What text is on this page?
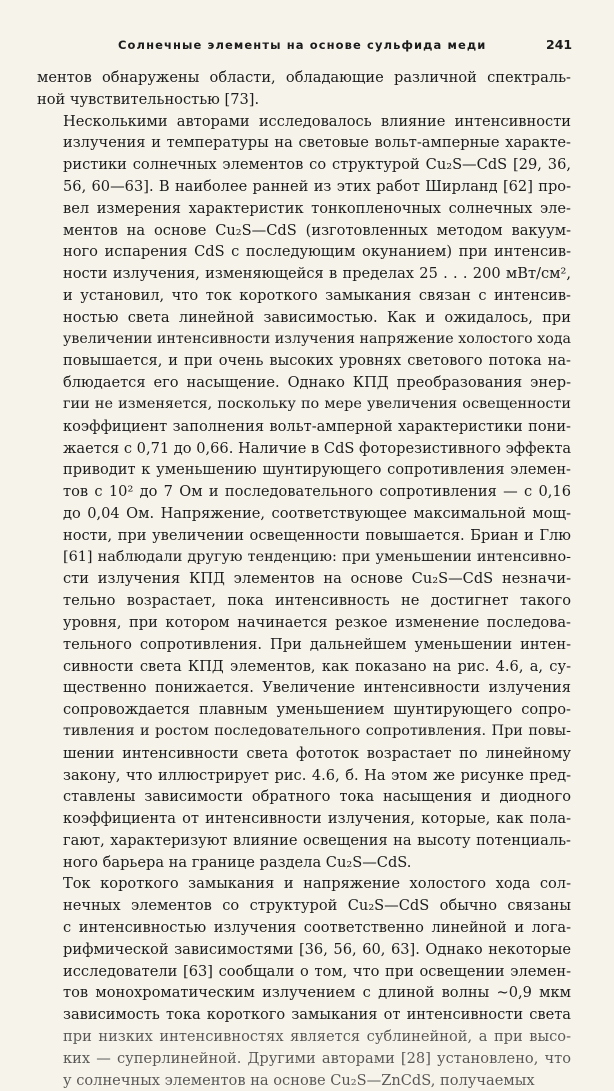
Солнечные элементы на основе сульфида меди	241

ментов обнаружены области, обладающие различной спектраль-
ной чувствительностью [73].

Несколькими авторами исследовалось влияние интенсивности
излучения и температуры на световые вольт-амперные характе-
ристики солнечных элементов со структурой Cu₂S—CdS [29, 36,
56, 60—63]. В наиболее ранней из этих работ Ширланд [62] про-
вел измерения характеристик тонкопленочных солнечных эле-
ментов на основе Cu₂S—CdS (изготовленных методом вакуум-
ного испарения CdS с последующим окунанием) при интенсив-
ности излучения, изменяющейся в пределах 25 . . . 200 мВт/см²,
и установил, что ток короткого замыкания связан с интенсив-
ностью света линейной зависимостью. Как и ожидалось, при
увеличении интенсивности излучения напряжение холостого хода
повышается, и при очень высоких уровнях светового потока на-
блюдается его насыщение. Однако КПД преобразования энер-
гии не изменяется, поскольку по мере увеличения освещенности
коэффициент заполнения вольт-амперной характеристики пони-
жается с 0,71 до 0,66. Наличие в CdS фоторезистивного эффекта
приводит к уменьшению шунтирующего сопротивления элемен-
тов с 10² до 7 Ом и последовательного сопротивления — с 0,16
до 0,04 Ом. Напряжение, соответствующее максимальной мощ-
ности, при увеличении освещенности повышается. Бриан и Глю
[61] наблюдали другую тенденцию: при уменьшении интенсивно-
сти излучения КПД элементов на основе Cu₂S—CdS незначи-
тельно возрастает, пока интенсивность не достигнет такого
уровня, при котором начинается резкое изменение последова-
тельного сопротивления. При дальнейшем уменьшении интен-
сивности света КПД элементов, как показано на рис. 4.6, а, су-
щественно понижается. Увеличение интенсивности излучения
сопровождается плавным уменьшением шунтирующего сопро-
тивления и ростом последовательного сопротивления. При повы-
шении интенсивности света фототок возрастает по линейному
закону, что иллюстрирует рис. 4.6, б. На этом же рисунке пред-
ставлены зависимости обратного тока насыщения и диодного
коэффициента от интенсивности излучения, которые, как пола-
гают, характеризуют влияние освещения на высоту потенциаль-
ного барьера на границе раздела Cu₂S—CdS.

Ток короткого замыкания и напряжение холостого хода сол-
нечных элементов со структурой Cu₂S—CdS обычно связаны
с интенсивностью излучения соответственно линейной и лога-
рифмической зависимостями [36, 56, 60, 63]. Однако некоторые
исследователи [63] сообщали о том, что при освещении элемен-
тов монохроматическим излучением с длиной волны ~0,9 мкм
зависимость тока короткого замыкания от интенсивности света
при низких интенсивностях является сублинейной, а при высо-
ких — суперлинейной. Другими авторами [28] установлено, что
у солнечных элементов на основе Cu₂S—ZnCdS, получаемых
